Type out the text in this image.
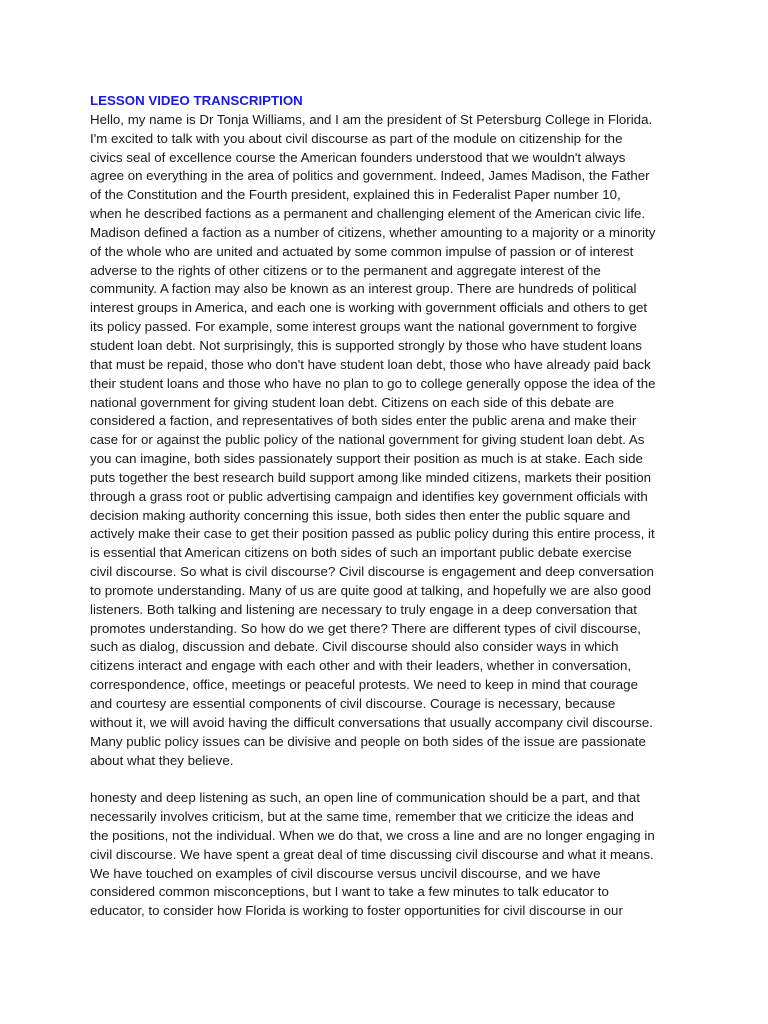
LESSON VIDEO TRANSCRIPTION

Hello, my name is Dr Tonja Williams, and I am the president of St Petersburg College in Florida.
I'm excited to talk with you about civil discourse as part of the module on citizenship for the
civics seal of excellence course the American founders understood that we wouldn't always
agree on everything in the area of politics and government. Indeed, James Madison, the Father
of the Constitution and the Fourth president, explained this in Federalist Paper number 10,
when he described factions as a permanent and challenging element of the American civic life.
Madison defined a faction as a number of citizens, whether amounting to a majority or a minority
of the whole who are united and actuated by some common impulse of passion or of interest
adverse to the rights of other citizens or to the permanent and aggregate interest of the
community. A faction may also be known as an interest group. There are hundreds of political
interest groups in America, and each one is working with government officials and others to get
its policy passed. For example, some interest groups want the national government to forgive
student loan debt. Not surprisingly, this is supported strongly by those who have student loans
that must be repaid, those who don't have student loan debt, those who have already paid back
their student loans and those who have no plan to go to college generally oppose the idea of the
national government for giving student loan debt. Citizens on each side of this debate are
considered a faction, and representatives of both sides enter the public arena and make their
case for or against the public policy of the national government for giving student loan debt. As
you can imagine, both sides passionately support their position as much is at stake. Each side
puts together the best research build support among like minded citizens, markets their position
through a grass root or public advertising campaign and identifies key government officials with
decision making authority concerning this issue, both sides then enter the public square and
actively make their case to get their position passed as public policy during this entire process, it
is essential that American citizens on both sides of such an important public debate exercise
civil discourse. So what is civil discourse? Civil discourse is engagement and deep conversation
to promote understanding. Many of us are quite good at talking, and hopefully we are also good
listeners. Both talking and listening are necessary to truly engage in a deep conversation that
promotes understanding. So how do we get there? There are different types of civil discourse,
such as dialog, discussion and debate. Civil discourse should also consider ways in which
citizens interact and engage with each other and with their leaders, whether in conversation,
correspondence, office, meetings or peaceful protests. We need to keep in mind that courage
and courtesy are essential components of civil discourse. Courage is necessary, because
without it, we will avoid having the difficult conversations that usually accompany civil discourse.
Many public policy issues can be divisive and people on both sides of the issue are passionate
about what they believe.

honesty and deep listening as such, an open line of communication should be a part, and that
necessarily involves criticism, but at the same time, remember that we criticize the ideas and
the positions, not the individual. When we do that, we cross a line and are no longer engaging in
civil discourse. We have spent a great deal of time discussing civil discourse and what it means.
We have touched on examples of civil discourse versus uncivil discourse, and we have
considered common misconceptions, but I want to take a few minutes to talk educator to
educator, to consider how Florida is working to foster opportunities for civil discourse in our
